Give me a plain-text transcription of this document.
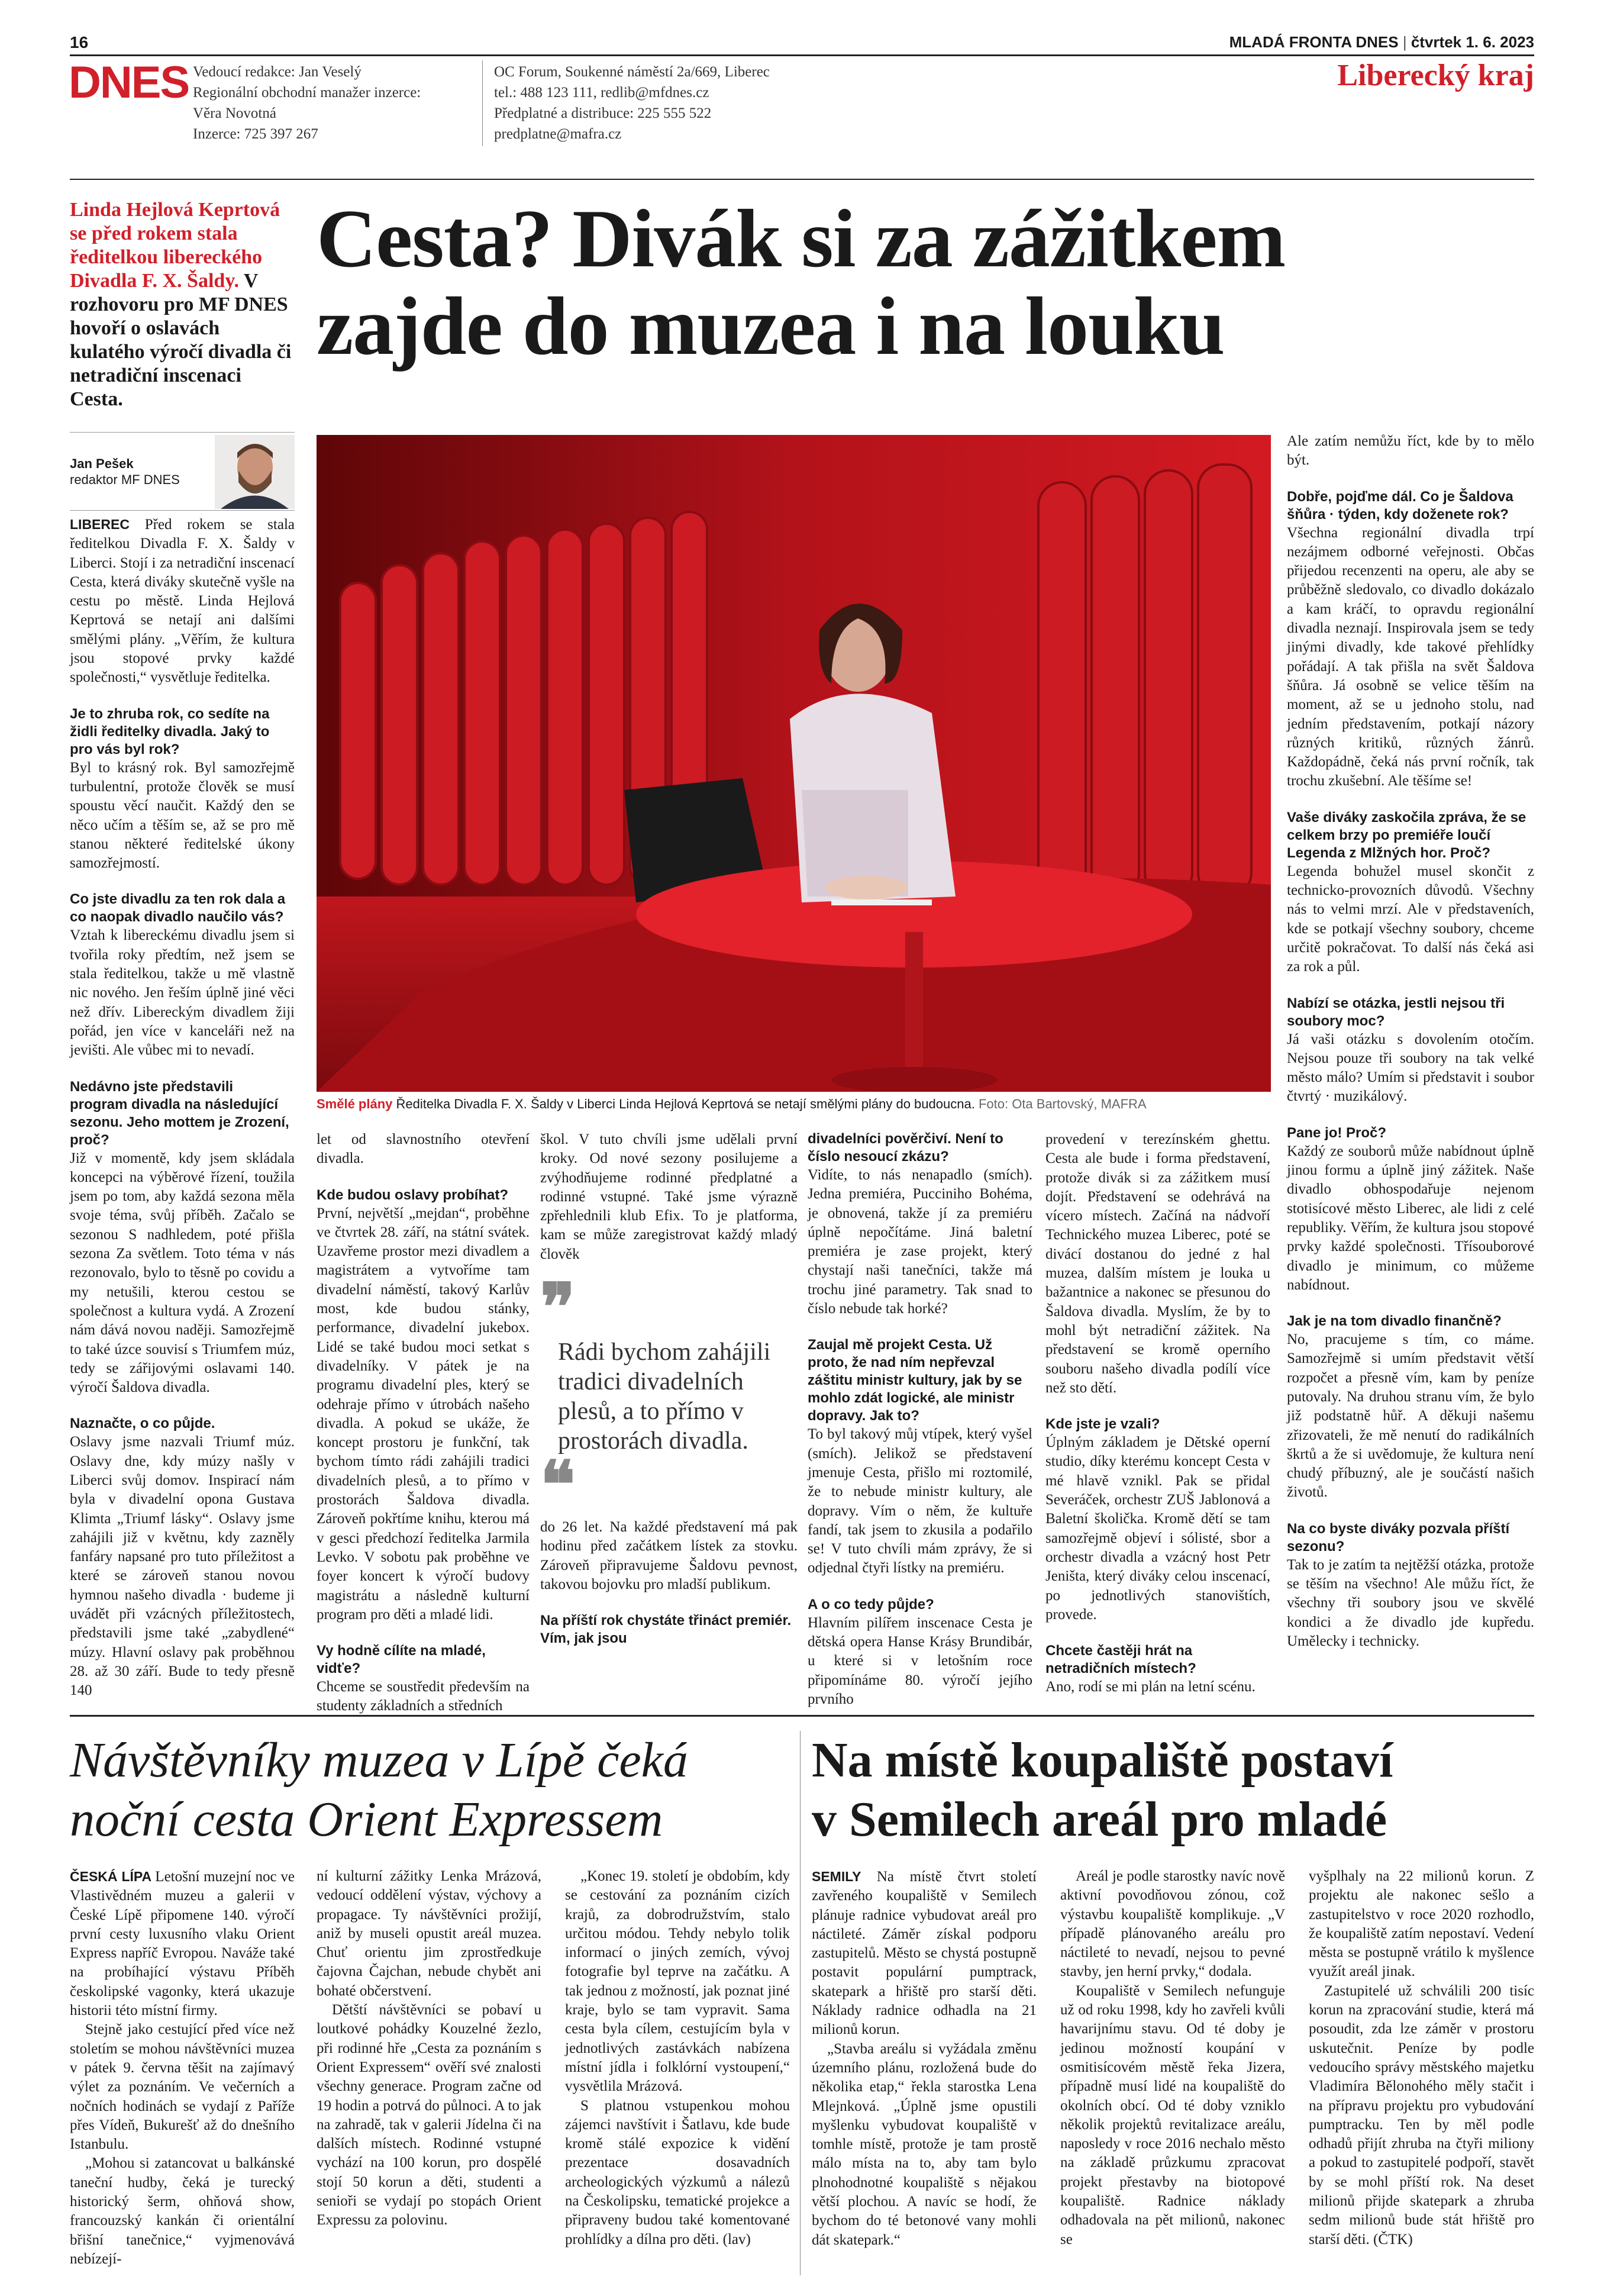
16	MLADÁ FRONTA DNES | čtvrtek 1. 6. 2023
DNES Vedoucí redakce: Jan Veselý
Regionální obchodní manažer inzerce:
Věra Novotná
Inzerce: 725 397 267
OC Forum, Soukenné náměstí 2a/669, Liberec
tel.: 488 123 111, redlib@mfdnes.cz
Předplatné a distribuce: 225 555 522
predplatne@mafra.cz
Liberecký kraj
Linda Hejlová Keprtová se před rokem stala ředitelkou libereckého Divadla F. X. Šaldy. V rozhovoru pro MF DNES hovoří o oslavách kulatého výročí divadla či netradiční inscenaci Cesta.
Cesta? Divák si za zážitkem
zajde do muzea i na louku
Jan Pešek
redaktor MF DNES
Smělé plány Ředitelka Divadla F. X. Šaldy v Liberci Linda Hejlová Keprtová se netají smělými plány do budoucna. Foto: Ota Bartovský, MAFRA

LIBEREC Před rokem se stala ředitelkou Divadla F. X. Šaldy v Liberci. Stojí i za netradiční inscenací Cesta, která diváky skutečně vyšle na cestu po městě. Linda Hejlová Keprtová se netají ani dalšími smělými plány. „Věřím, že kultura jsou stopové prvky každé společnosti,“ vysvětluje ředitelka.

Je to zhruba rok, co sedíte na židli ředitelky divadla. Jaký to pro vás byl rok?

Byl to krásný rok. Byl samozřejmě turbulentní, protože člověk se musí spoustu věcí naučit. Každý den se něco učím a těším se, až se pro mě stanou některé ředitelské úkony samozřejmostí.

Co jste divadlu za ten rok dala a co naopak divadlo naučilo vás?

Vztah k libereckému divadlu jsem si tvořila roky předtím, než jsem se stala ředitelkou, takže u mě vlastně nic nového. Jen řeším úplně jiné věci než dřív. Libereckým divadlem žiji pořád, jen více v kanceláři než na jevišti. Ale vůbec mi to nevadí.

Nedávno jste představili program divadla na následující sezonu. Jeho mottem je Zrození, proč?

Již v momentě, kdy jsem skládala koncepci na výběrové řízení, toužila jsem po tom, aby každá sezona měla svoje téma, svůj příběh. Začalo se sezonou S nadhledem, poté přišla sezona Za světlem. Toto téma v nás rezonovalo, bylo to těsně po covidu a my netušili, kterou cestou se společnost a kultura vydá. A Zrození nám dává novou naději. Samozřejmě to také úzce souvisí s Triumfem múz, tedy se zářijovými oslavami 140. výročí Šaldova divadla.

Naznačte, o co půjde.

Oslavy jsme nazvali Triumf múz. Oslavy dne, kdy múzy našly v Liberci svůj domov. Inspirací nám byla v divadelní opona Gustava Klimta „Triumf lásky“. Oslavy jsme zahájili již v květnu, kdy zazněly fanfáry napsané pro tuto příležitost a které se zároveň stanou novou hymnou našeho divadla · budeme ji uvádět při vzácných příležitostech, představili jsme také „zabydlené“ múzy. Hlavní oslavy pak proběhnou 28. až 30 září. Bude to tedy přesně 140

let od slavnostního otevření divadla.

Kde budou oslavy probíhat?

První, největší „mejdan“, proběhne ve čtvrtek 28. září, na státní svátek. Uzavřeme prostor mezi divadlem a magistrátem a vytvoříme tam divadelní náměstí, takový Karlův most, kde budou stánky, performance, divadelní jukebox. Lidé se také budou moci setkat s divadelníky. V pátek je na programu divadelní ples, který se odehraje přímo v útrobách našeho divadla. A pokud se ukáže, že koncept prostoru je funkční, tak bychom tímto rádi zahájili tradici divadelních plesů, a to přímo v prostorách Šaldova divadla. Zároveň pokřtíme knihu, kterou má v gesci předchozí ředitelka Jarmila Levko. V sobotu pak proběhne ve foyer koncert k výročí budovy magistrátu a následně kulturní program pro děti a mladé lidi.

Vy hodně cílíte na mladé, vidťe?

Chceme se soustředit především na studenty základních a středních

škol. V tuto chvíli jsme udělali první kroky. Od nové sezony posilujeme a zvýhodňujeme rodinné předplatné a rodinné vstupné. Také jsme výrazně zpřehlednili klub Efix. To je platforma, kam se může zaregistrovat každý mladý člověk

❞
Rádi bychom zahájili tradici divadelních plesů, a to přímo v prostorách divadla.
❝

do 26 let. Na každé představení má pak hodinu před začátkem lístek za stovku. Zároveň připravujeme Šaldovu pevnost, takovou bojovku pro mladší publikum.

Na příští rok chystáte třináct premiér. Vím, jak jsou

divadelníci pověrčiví. Není to číslo nesoucí zkázu?

Vidíte, to nás nenapadlo (smích). Jedna premiéra, Pucciniho Bohéma, je obnovená, takže jí za premiéru úplně nepočítáme. Jiná baletní premiéra je zase projekt, který chystají naši tanečníci, takže má trochu jiné parametry. Tak snad to číslo nebude tak horké?

Zaujal mě projekt Cesta. Už proto, že nad ním nepřevzal záštitu ministr kultury, jak by se mohlo zdát logické, ale ministr dopravy. Jak to?

To byl takový můj vtípek, který vyšel (smích). Jelikož se představení jmenuje Cesta, přišlo mi roztomilé, že to nebude ministr kultury, ale dopravy. Vím o něm, že kultuře fandí, tak jsem to zkusila a podařilo se! V tuto chvíli mám zprávy, že si odjednal čtyři lístky na premiéru.

A o co tedy půjde?

Hlavním pilířem inscenace Cesta je dětská opera Hanse Krásy Brundibár, u které si v letošním roce připomínáme 80. výročí jejího prvního

provedení v terezínském ghettu. Cesta ale bude i forma představení, protože divák si za zážitkem musí dojít. Představení se odehrává na vícero místech. Začíná na nádvoří Technického muzea Liberec, poté se divácí dostanou do jedné z hal muzea, dalším místem je louka u bažantnice a nakonec se přesunou do Šaldova divadla. Myslím, že by to mohl být netradiční zážitek. Na představení se kromě operního souboru našeho divadla podílí více než sto dětí.

Kde jste je vzali?

Úplným základem je Dětské operní studio, díky kterému koncept Cesta v mé hlavě vznikl. Pak se přidal Severáček, orchestr ZUŠ Jablonová a Baletní školička. Kromě dětí se tam samozřejmě objeví i sólisté, sbor a orchestr divadla a vzácný host Petr Jeništa, který diváky celou inscenací, po jednotlivých stanovištích, provede.

Chcete častěji hrát na netradičních místech?

Ano, rodí se mi plán na letní scénu.

Ale zatím nemůžu říct, kde by to mělo být.

Dobře, pojďme dál. Co je Šaldova šňůra · týden, kdy doženete rok?

Všechna regionální divadla trpí nezájmem odborné veřejnosti. Občas přijedou recenzenti na operu, ale aby se průběžně sledovalo, co divadlo dokázalo a kam kráčí, to opravdu regionální divadla neznají. Inspirovala jsem se tedy jinými divadly, kde takové přehlídky pořádají. A tak přišla na svět Šaldova šňůra. Já osobně se velice těším na moment, až se u jednoho stolu, nad jedním představením, potkají názory různých kritiků, různých žánrů. Každopádně, čeká nás první ročník, tak trochu zkušební. Ale těšíme se!

Vaše diváky zaskočila zpráva, že se celkem brzy po premiéře loučí Legenda z Mlžných hor. Proč?

Legenda bohužel musel skončit z technicko-provozních důvodů. Všechny nás to velmi mrzí. Ale v představeních, kde se potkají všechny soubory, chceme určitě pokračovat. To další nás čeká asi za rok a půl.

Nabízí se otázka, jestli nejsou tři soubory moc?

Já vaši otázku s dovolením otočím. Nejsou pouze tři soubory na tak velké město málo? Umím si představit i soubor čtvrtý · muzikálový.

Pane jo! Proč?

Každý ze souborů může nabídnout úplně jinou formu a úplně jiný zážitek. Naše divadlo obhospodařuje nejenom stotisícové město Liberec, ale lidi z celé republiky. Věřím, že kultura jsou stopové prvky každé společnosti. Třísouborové divadlo je minimum, co můžeme nabídnout.

Jak je na tom divadlo finančně?

No, pracujeme s tím, co máme. Samozřejmě si umím představit větší rozpočet a přesně vím, kam by peníze putovaly. Na druhou stranu vím, že bylo již podstatně hůř. A děkuji našemu zřizovateli, že mě nenutí do radikálních škrtů a že si uvědomuje, že kultura není chudý příbuzný, ale je součástí našich životů.

Na co byste diváky pozvala příští sezonu?

Tak to je zatím ta nejtěžší otázka, protože se těším na všechno! Ale můžu říct, že všechny tři soubory jsou ve skvělé kondici a že divadlo jde kupředu. Umělecky i technicky.

Návštěvníky muzea v Lípě čeká
noční cesta Orient Expressem

ČESKÁ LÍPA Letošní muzejní noc ve Vlastivědném muzeu a galerii v České Lípě připomene 140. výročí první cesty luxusního vlaku Orient Express napříč Evropou. Naváže také na probíhající výstavu Příběh českolipské vagonky, která ukazuje historii této místní firmy.

Stejně jako cestující před více než stoletím se mohou návštěvníci muzea v pátek 9. června těšit na zajímavý výlet za poznáním. Ve večerních a nočních hodinách se vydají z Paříže přes Vídeň, Bukurešť až do dnešního Istanbulu.

„Mohou si zatancovat u balkánské taneční hudby, čeká je turecký historický šerm, ohňová show, francouzský kankán či orientální břišní tanečnice,“ vyjmenovává nebízejí-

ní kulturní zážitky Lenka Mrázová, vedoucí oddělení výstav, výchovy a propagace. Ty návštěvníci prožijí, aniž by museli opustit areál muzea. Chuť orientu jim zprostředkuje čajovna Čajchan, nebude chybět ani bohaté občerstvení.

Dětští návštěvníci se pobaví u loutkové pohádky Kouzelné žezlo, při rodinné hře „Cesta za poznáním s Orient Expressem“ ověří své znalosti všechny generace. Program začne od 19 hodin a potrvá do půlnoci. A to jak na zahradě, tak v galerii Jídelna či na dalších místech. Rodinné vstupné vychází na 100 korun, pro dospělé stojí 50 korun a děti, studenti a senioři se vydají po stopách Orient Expressu za polovinu.

„Konec 19. století je obdobím, kdy se cestování za poznáním cizích krajů, za dobrodružstvím, stalo určitou módou. Tehdy nebylo tolik informací o jiných zemích, vývoj fotografie byl teprve na začátku. A tak jednou z možností, jak poznat jiné kraje, bylo se tam vypravit. Sama cesta byla cílem, cestujícím byla v jednotlivých zastávkách nabízena místní jídla i folklórní vystoupení,“ vysvětlila Mrázová.

S platnou vstupenkou mohou zájemci navštívit i Šatlavu, kde bude kromě stálé expozice k vidění prezentace dosavadních archeologických výzkumů a nálezů na Českolipsku, tematické projekce a připraveny budou také komentované prohlídky a dílna pro děti. (lav)

Na místě koupaliště postaví
v Semilech areál pro mladé

SEMILY Na místě čtvrt století zavřeného koupaliště v Semilech plánuje radnice vybudovat areál pro náctileté. Záměr získal podporu zastupitelů. Město se chystá postupně postavit populární pumptrack, skatepark a hřiště pro starší děti. Náklady radnice odhadla na 21 milionů korun.

„Stavba areálu si vyžádala změnu územního plánu, rozložená bude do několika etap,“ řekla starostka Lena Mlejnková. „Úplně jsme opustili myšlenku vybudovat koupaliště v tomhle místě, protože je tam prostě málo místa na to, aby tam bylo plnohodnotné koupaliště s nějakou větší plochou. A navíc se hodí, že bychom do té betonové vany mohli dát skatepark.“

Areál je podle starostky navíc nově aktivní povodňovou zónou, což výstavbu koupaliště komplikuje. „V případě plánovaného areálu pro náctileté to nevadí, nejsou to pevné stavby, jen herní prvky,“ dodala.

Koupaliště v Semilech nefunguje už od roku 1998, kdy ho zavřeli kvůli havarijnímu stavu. Od té doby je jedinou možností koupání v osmitisícovém městě řeka Jizera, případně musí lidé na koupaliště do okolních obcí. Od té doby vzniklo několik projektů revitalizace areálu, naposledy v roce 2016 nechalo město na základě průzkumu zpracovat projekt přestavby na biotopové koupaliště. Radnice náklady odhadovala na pět milionů, nakonec se

vyšplhaly na 22 milionů korun. Z projektu ale nakonec sešlo a zastupitelstvo v roce 2020 rozhodlo, že koupaliště zatím nepostaví. Vedení města se postupně vrátilo k myšlence využít areál jinak.

Zastupitelé už schválili 200 tisíc korun na zpracování studie, která má posoudit, zda lze záměr v prostoru uskutečnit. Peníze by podle vedoucího správy městského majetku Vladimíra Bělonohého měly stačit i na přípravu projektu pro vybudování pumptracku. Ten by měl podle odhadů přijít zhruba na čtyři miliony a pokud to zastupitelé podpoří, stavět by se mohl příští rok. Na deset milionů přijde skatepark a zhruba sedm milionů bude stát hřiště pro starší děti. (ČTK)
